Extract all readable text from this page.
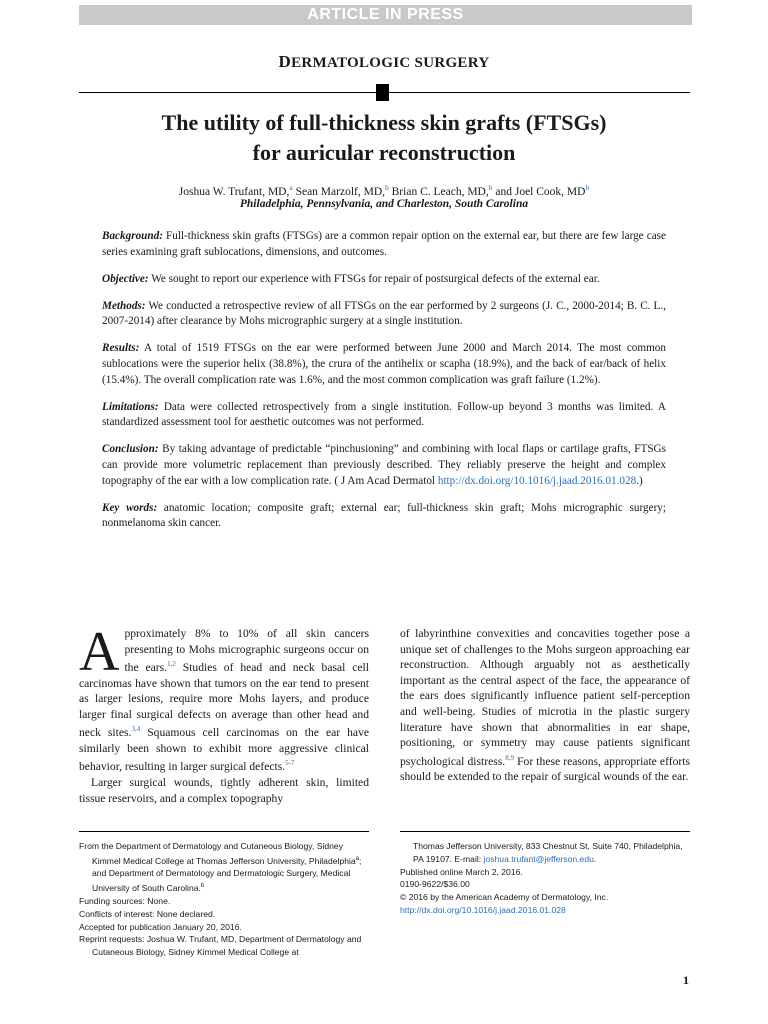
ARTICLE IN PRESS
DERMATOLOGIC SURGERY
The utility of full-thickness skin grafts (FTSGs)
for auricular reconstruction
Joshua W. Trufant, MD,$^a$ Sean Marzolf, MD,$^b$ Brian C. Leach, MD,$^b$ and Joel Cook, $MD^b$
Philadelphia, Pennsylvania, and Charleston, South Carolina

Background: Full-thickness skin grafts (FTSGs) are a common repair option on the external ear, but there are few large case series examining graft sublocations, dimensions, and outcomes.

Objective: We sought to report our experience with FTSGs for repair of postsurgical defects of the external ear.

Methods: We conducted a retrospective review of all FTSGs on the ear performed by 2 surgeons (J. C., 2000-2014; B. C. L., 2007-2014) after clearance by Mohs micrographic surgery at a single institution.

Results: A total of 1519 FTSGs on the ear were performed between June 2000 and March 2014. The most common sublocations were the superior helix (38.8%), the crura of the antihelix or scapha (18.9%), and the back of ear/back of helix (15.4%). The overall complication rate was 1.6%, and the most common complication was graft failure (1.2%).

Limitations: Data were collected retrospectively from a single institution. Follow-up beyond 3 months was limited. A standardized assessment tool for aesthetic outcomes was not performed.

Conclusion: By taking advantage of predictable “pinchusioning” and combining with local flaps or cartilage grafts, FTSGs can provide more volumetric replacement than previously described. They reliably preserve the height and complex topography of the ear with a low complication rate. ( J Am Acad Dermatol http://dx.doi.org/10.1016/j.jaad.2016.01.028.)

Key words: anatomic location; composite graft; external ear; full-thickness skin graft; Mohs micrographic surgery; nonmelanoma skin cancer.

Approximately 8% to 10% of all skin cancers presenting to Mohs micrographic surgeons occur on the ears.$^{1,2}$ Studies of head and neck basal cell carcinomas have shown that tumors on the ear tend to present as larger lesions, require more Mohs layers, and produce larger final surgical defects on average than other head and neck sites.$^{3,4}$ Squamous cell carcinomas on the ear have similarly been shown to exhibit more aggressive clinical behavior, resulting in larger surgical defects.$^{5-7}$

Larger surgical wounds, tightly adherent skin, limited tissue reservoirs, and a complex topography

of labyrinthine convexities and concavities together pose a unique set of challenges to the Mohs surgeon approaching ear reconstruction. Although arguably not as aesthetically important as the central aspect of the face, the appearance of the ears does significantly influence patient self-perception and well-being. Studies of microtia in the plastic surgery literature have shown that abnormalities in ear shape, positioning, or symmetry may cause patients significant psychological distress.$^{8,9}$ For these reasons, appropriate efforts should be extended to the repair of surgical wounds of the ear.

From the Department of Dermatology and Cutaneous Biology, Sidney Kimmel Medical College at Thomas Jefferson University, Philadelphia$^a$; and Department of Dermatology and Dermatologic Surgery, Medical University of South Carolina.$^b$
Funding sources: None.
Conflicts of interest: None declared.
Accepted for publication January 20, 2016.
Reprint requests: Joshua W. Trufant, MD, Department of Dermatology and Cutaneous Biology, Sidney Kimmel Medical College at
Thomas Jefferson University, 833 Chestnut St, Suite 740, Philadelphia, PA 19107. E-mail: joshua.trufant@jefferson.edu.
Published online March 2, 2016.
0190-9622/$36.00
© 2016 by the American Academy of Dermatology, Inc.
http://dx.doi.org/10.1016/j.jaad.2016.01.028
1
